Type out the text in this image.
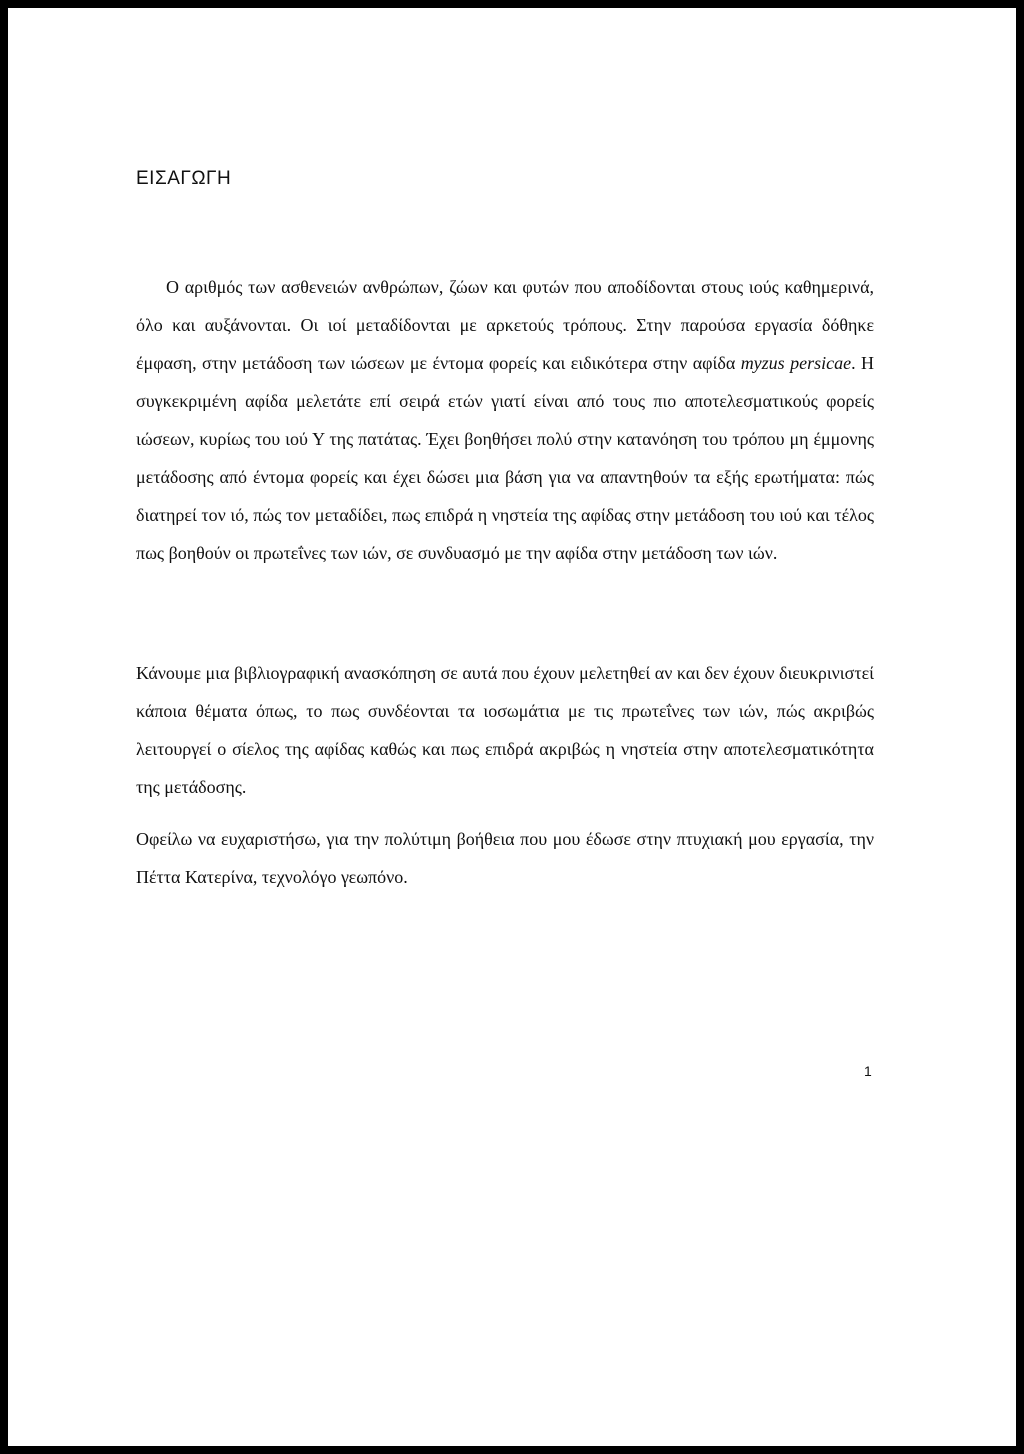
ΕΙΣΑΓΩΓΗ

Ο αριθμός των ασθενειών ανθρώπων, ζώων και φυτών που αποδίδονται στους ιούς καθημερινά, όλο και αυξάνονται. Οι ιοί μεταδίδονται με αρκετούς τρόπους. Στην παρούσα εργασία δόθηκε έμφαση, στην μετάδοση των ιώσεων με έντομα φορείς και ειδικότερα στην αφίδα myzus persicae. Η συγκεκριμένη αφίδα μελετάτε επί σειρά ετών γιατί είναι από τους πιο αποτελεσματικούς φορείς ιώσεων, κυρίως του ιού Υ της πατάτας. Έχει βοηθήσει πολύ στην κατανόηση του τρόπου μη έμμονης μετάδοσης από έντομα φορείς και έχει δώσει μια βάση για να απαντηθούν τα εξής ερωτήματα: πώς διατηρεί τον ιό, πώς τον μεταδίδει, πως επιδρά η νηστεία της αφίδας στην μετάδοση του ιού και τέλος πως βοηθούν οι πρωτεΐνες των ιών, σε συνδυασμό με την αφίδα στην μετάδοση των ιών.

Κάνουμε μια βιβλιογραφική ανασκόπηση σε αυτά που έχουν μελετηθεί αν και δεν έχουν διευκρινιστεί κάποια θέματα όπως, το πως συνδέονται τα ιοσωμάτια με τις πρωτεΐνες των ιών, πώς ακριβώς λειτουργεί ο σίελος της αφίδας καθώς και πως επιδρά ακριβώς η νηστεία στην αποτελεσματικότητα της μετάδοσης.

Οφείλω να ευχαριστήσω, για την πολύτιμη βοήθεια που μου έδωσε στην πτυχιακή μου εργασία, την Πέττα Κατερίνα, τεχνολόγο γεωπόνο.

1
